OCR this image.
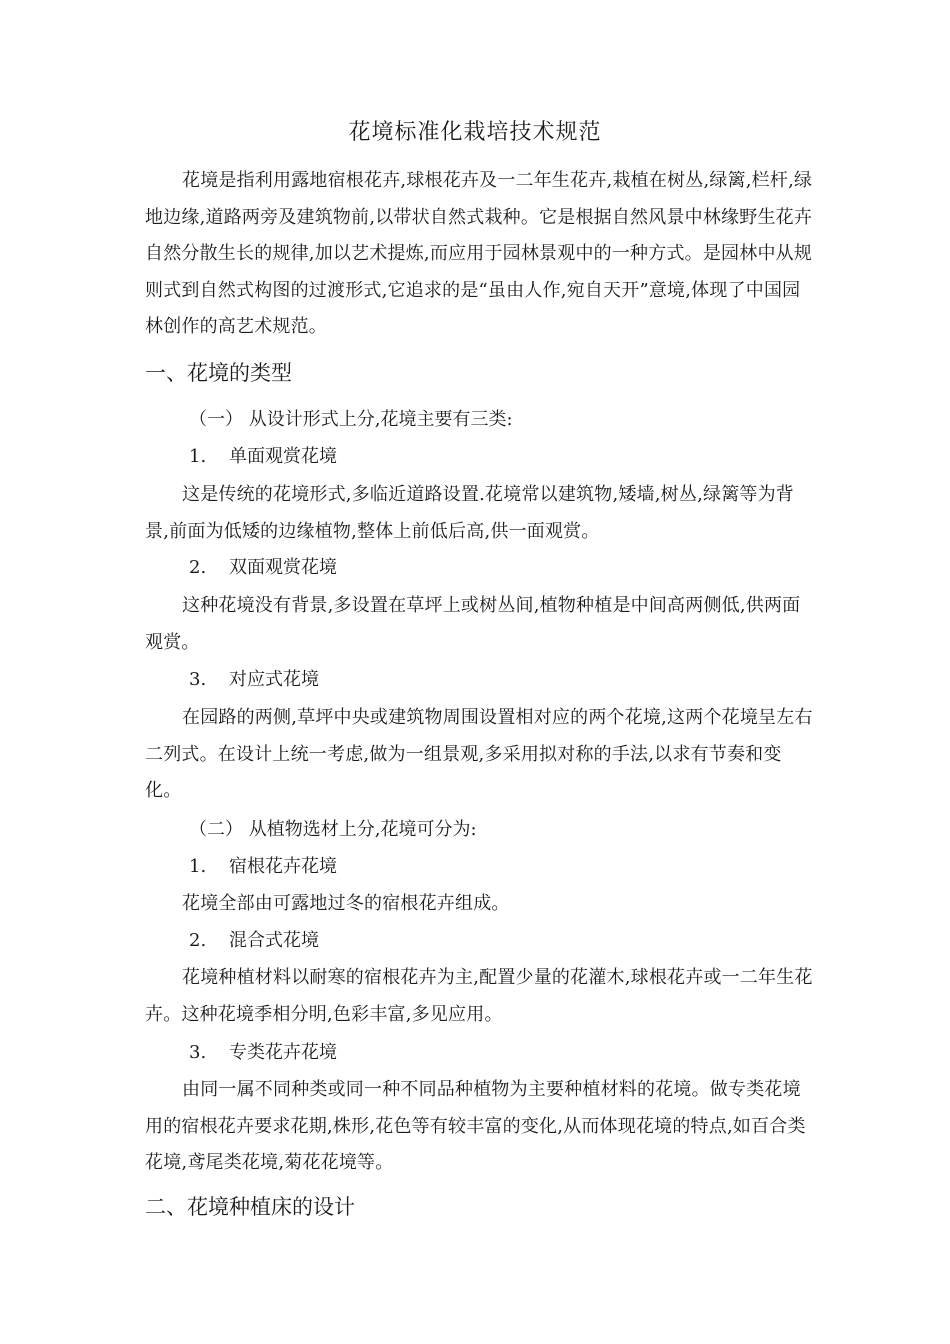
花境标准化栽培技术规范

花境是指利用露地宿根花卉,球根花卉及一二年生花卉,栽植在树丛,绿篱,栏杆,绿地边缘,道路两旁及建筑物前,以带状自然式栽种。它是根据自然风景中林缘野生花卉自然分散生长的规律,加以艺术提炼,而应用于园林景观中的一种方式。是园林中从规则式到自然式构图的过渡形式,它追求的是“虽由人作,宛自天开”意境,体现了中国园林创作的高艺术规范。

一、花境的类型
（一） 从设计形式上分,花境主要有三类:
1. 单面观赏花境

这是传统的花境形式,多临近道路设置.花境常以建筑物,矮墙,树丛,绿篱等为背景,前面为低矮的边缘植物,整体上前低后高,供一面观赏。

2. 双面观赏花境

这种花境没有背景,多设置在草坪上或树丛间,植物种植是中间高两侧低,供两面观赏。

3. 对应式花境

在园路的两侧,草坪中央或建筑物周围设置相对应的两个花境,这两个花境呈左右二列式。在设计上统一考虑,做为一组景观,多采用拟对称的手法,以求有节奏和变化。

（二） 从植物选材上分,花境可分为:
1. 宿根花卉花境

花境全部由可露地过冬的宿根花卉组成。

2. 混合式花境

花境种植材料以耐寒的宿根花卉为主,配置少量的花灌木,球根花卉或一二年生花卉。这种花境季相分明,色彩丰富,多见应用。

3. 专类花卉花境

由同一属不同种类或同一种不同品种植物为主要种植材料的花境。做专类花境用的宿根花卉要求花期,株形,花色等有较丰富的变化,从而体现花境的特点,如百合类花境,鸢尾类花境,菊花花境等。

二、花境种植床的设计
